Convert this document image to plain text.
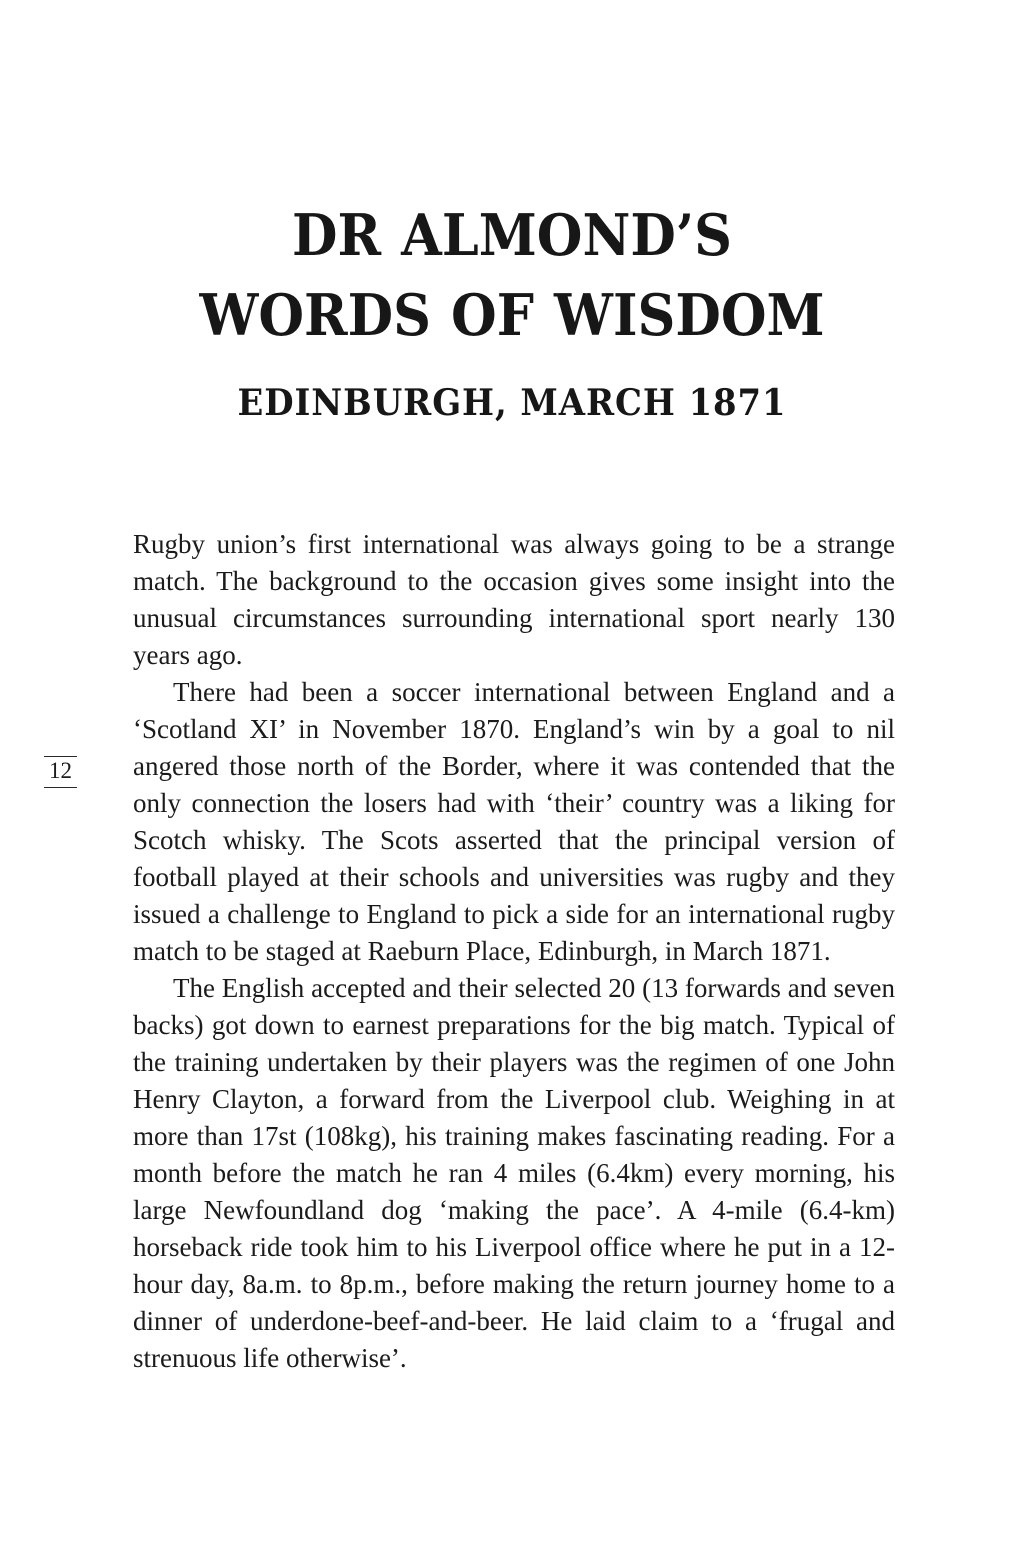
DR ALMOND’S
WORDS OF WISDOM
EDINBURGH, MARCH 1871
12

Rugby union’s first international was always going to be a strange match. The background to the occasion gives some insight into the unusual circumstances surrounding international sport nearly 130 years ago.

There had been a soccer international between England and a ‘Scotland XI’ in November 1870. England’s win by a goal to nil angered those north of the Border, where it was contended that the only connection the losers had with ‘their’ country was a liking for Scotch whisky. The Scots asserted that the principal version of football played at their schools and universities was rugby and they issued a challenge to England to pick a side for an international rugby match to be staged at Raeburn Place, Edinburgh, in March 1871.

The English accepted and their selected 20 (13 forwards and seven backs) got down to earnest preparations for the big match. Typical of the training undertaken by their players was the regimen of one John Henry Clayton, a forward from the Liverpool club. Weighing in at more than 17st (108kg), his training makes fascinating reading. For a month before the match he ran 4 miles (6.4km) every morning, his large Newfoundland dog ‘making the pace’. A 4-mile (6.4-km) horseback ride took him to his Liverpool office where he put in a 12-hour day, 8a.m. to 8p.m., before making the return journey home to a dinner of underdone-beef-and-beer. He laid claim to a ‘frugal and strenuous life otherwise’.
